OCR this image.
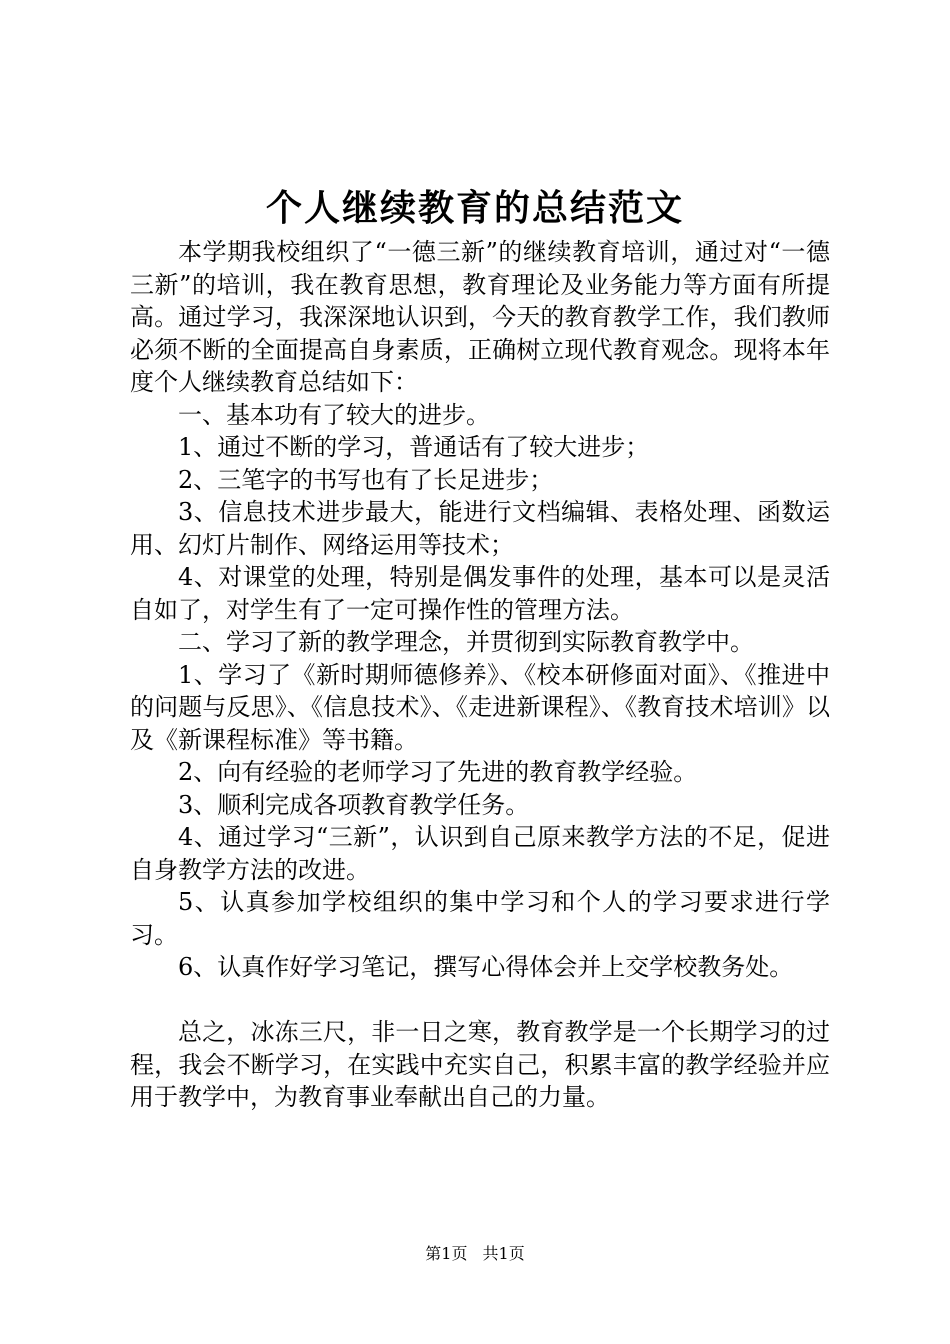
个人继续教育的总结范文

本学期我校组织了“一德三新”的继续教育培训，通过对“一德三新”的培训，我在教育思想，教育理论及业务能力等方面有所提高。通过学习，我深深地认识到，今天的教育教学工作，我们教师必须不断的全面提高自身素质，正确树立现代教育观念。现将本年度个人继续教育总结如下：

一、基本功有了较大的进步。

1、通过不断的学习，普通话有了较大进步；

2、三笔字的书写也有了长足进步；

3、信息技术进步最大，能进行文档编辑、表格处理、函数运用、幻灯片制作、网络运用等技术；

4、对课堂的处理，特别是偶发事件的处理，基本可以是灵活自如了，对学生有了一定可操作性的管理方法。

二、学习了新的教学理念，并贯彻到实际教育教学中。

1、学习了《新时期师德修养》、《校本研修面对面》、《推进中的问题与反思》、《信息技术》、《走进新课程》、《教育技术培训》以及《新课程标准》等书籍。

2、向有经验的老师学习了先进的教育教学经验。

3、顺利完成各项教育教学任务。

4、通过学习“三新”，认识到自己原来教学方法的不足，促进自身教学方法的改进。

5、认真参加学校组织的集中学习和个人的学习要求进行学习。

6、认真作好学习笔记，撰写心得体会并上交学校教务处。

总之，冰冻三尺，非一日之寒，教育教学是一个长期学习的过程，我会不断学习，在实践中充实自己，积累丰富的教学经验并应用于教学中，为教育事业奉献出自己的力量。

第1页 共1页
